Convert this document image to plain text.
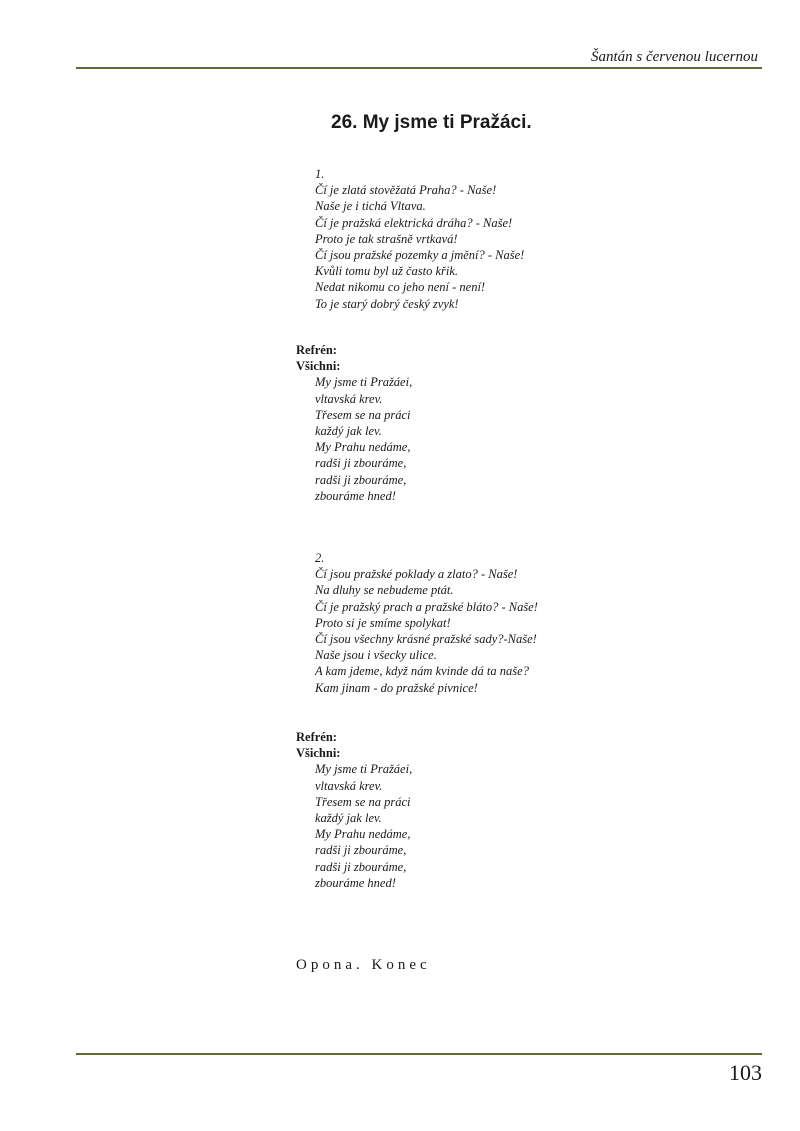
Šantán s červenou lucernou
26. My jsme ti Pražáci.
1.
Čí je zlatá stověžatá Praha? - Naše!
Naše je i tichá Vltava.
Čí je pražská elektrická dráha? - Naše!
Proto je tak strašně vrtkavá!
Čí jsou pražské pozemky a jmění? - Naše!
Kvůli tomu byl už často křik.
Nedat nikomu co jeho není - není!
To je starý dobrý český zvyk!
Refrén:
Všichni:
My jsme ti Pražáei,
vltavská krev.
Třesem se na práci
každý jak lev.
My Prahu nedáme,
radši ji zbouráme,
radši ji zbouráme,
zbouráme hned!
2.
Čí jsou pražské poklady a zlato? - Naše!
Na dluhy se nebudeme ptát.
Čí je pražský prach a pražské bláto? - Naše!
Proto si je smíme spolykat!
Čí jsou všechny krásné pražské sady?-Naše!
Naše jsou i všecky ulice.
A kam jdeme, když nám kvinde dá ta naše?
Kam jinam - do pražské pivnice!
Refrén:
Všichni:
My jsme ti Pražáei,
vltavská krev.
Třesem se na práci
každý jak lev.
My Prahu nedáme,
radši ji zbouráme,
radši ji zbouráme,
zbouráme hned!
Opona. Konec
103
